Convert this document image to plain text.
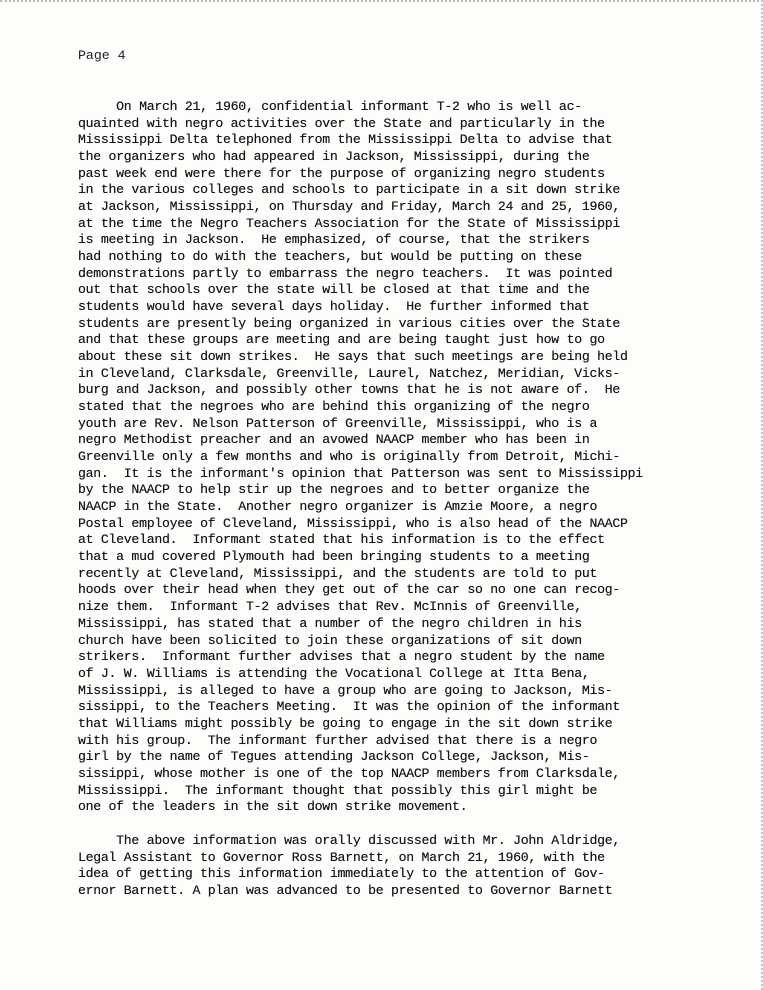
Page 4
On March 21, 1960, confidential informant T-2 who is well ac-
quainted with negro activities over the State and particularly in the
Mississippi Delta telephoned from the Mississippi Delta to advise that
the organizers who had appeared in Jackson, Mississippi, during the
past week end were there for the purpose of organizing negro students
in the various colleges and schools to participate in a sit down strike
at Jackson, Mississippi, on Thursday and Friday, March 24 and 25, 1960,
at the time the Negro Teachers Association for the State of Mississippi
is meeting in Jackson.  He emphasized, of course, that the strikers
had nothing to do with the teachers, but would be putting on these
demonstrations partly to embarrass the negro teachers.  It was pointed
out that schools over the state will be closed at that time and the
students would have several days holiday.  He further informed that
students are presently being organized in various cities over the State
and that these groups are meeting and are being taught just how to go
about these sit down strikes.  He says that such meetings are being held
in Cleveland, Clarksdale, Greenville, Laurel, Natchez, Meridian, Vicks-
burg and Jackson, and possibly other towns that he is not aware of.  He
stated that the negroes who are behind this organizing of the negro
youth are Rev. Nelson Patterson of Greenville, Mississippi, who is a
negro Methodist preacher and an avowed NAACP member who has been in
Greenville only a few months and who is originally from Detroit, Michi-
gan.  It is the informant's opinion that Patterson was sent to Mississippi
by the NAACP to help stir up the negroes and to better organize the
NAACP in the State.  Another negro organizer is Amzie Moore, a negro
Postal employee of Cleveland, Mississippi, who is also head of the NAACP
at Cleveland.  Informant stated that his information is to the effect
that a mud covered Plymouth had been bringing students to a meeting
recently at Cleveland, Mississippi, and the students are told to put
hoods over their head when they get out of the car so no one can recog-
nize them.  Informant T-2 advises that Rev. McInnis of Greenville,
Mississippi, has stated that a number of the negro children in his
church have been solicited to join these organizations of sit down
strikers.  Informant further advises that a negro student by the name
of J. W. Williams is attending the Vocational College at Itta Bena,
Mississippi, is alleged to have a group who are going to Jackson, Mis-
sissippi, to the Teachers Meeting.  It was the opinion of the informant
that Williams might possibly be going to engage in the sit down strike
with his group.  The informant further advised that there is a negro
girl by the name of Tegues attending Jackson College, Jackson, Mis-
sissippi, whose mother is one of the top NAACP members from Clarksdale,
Mississippi.  The informant thought that possibly this girl might be
one of the leaders in the sit down strike movement.
The above information was orally discussed with Mr. John Aldridge,
Legal Assistant to Governor Ross Barnett, on March 21, 1960, with the
idea of getting this information immediately to the attention of Gov-
ernor Barnett. A plan was advanced to be presented to Governor Barnett
